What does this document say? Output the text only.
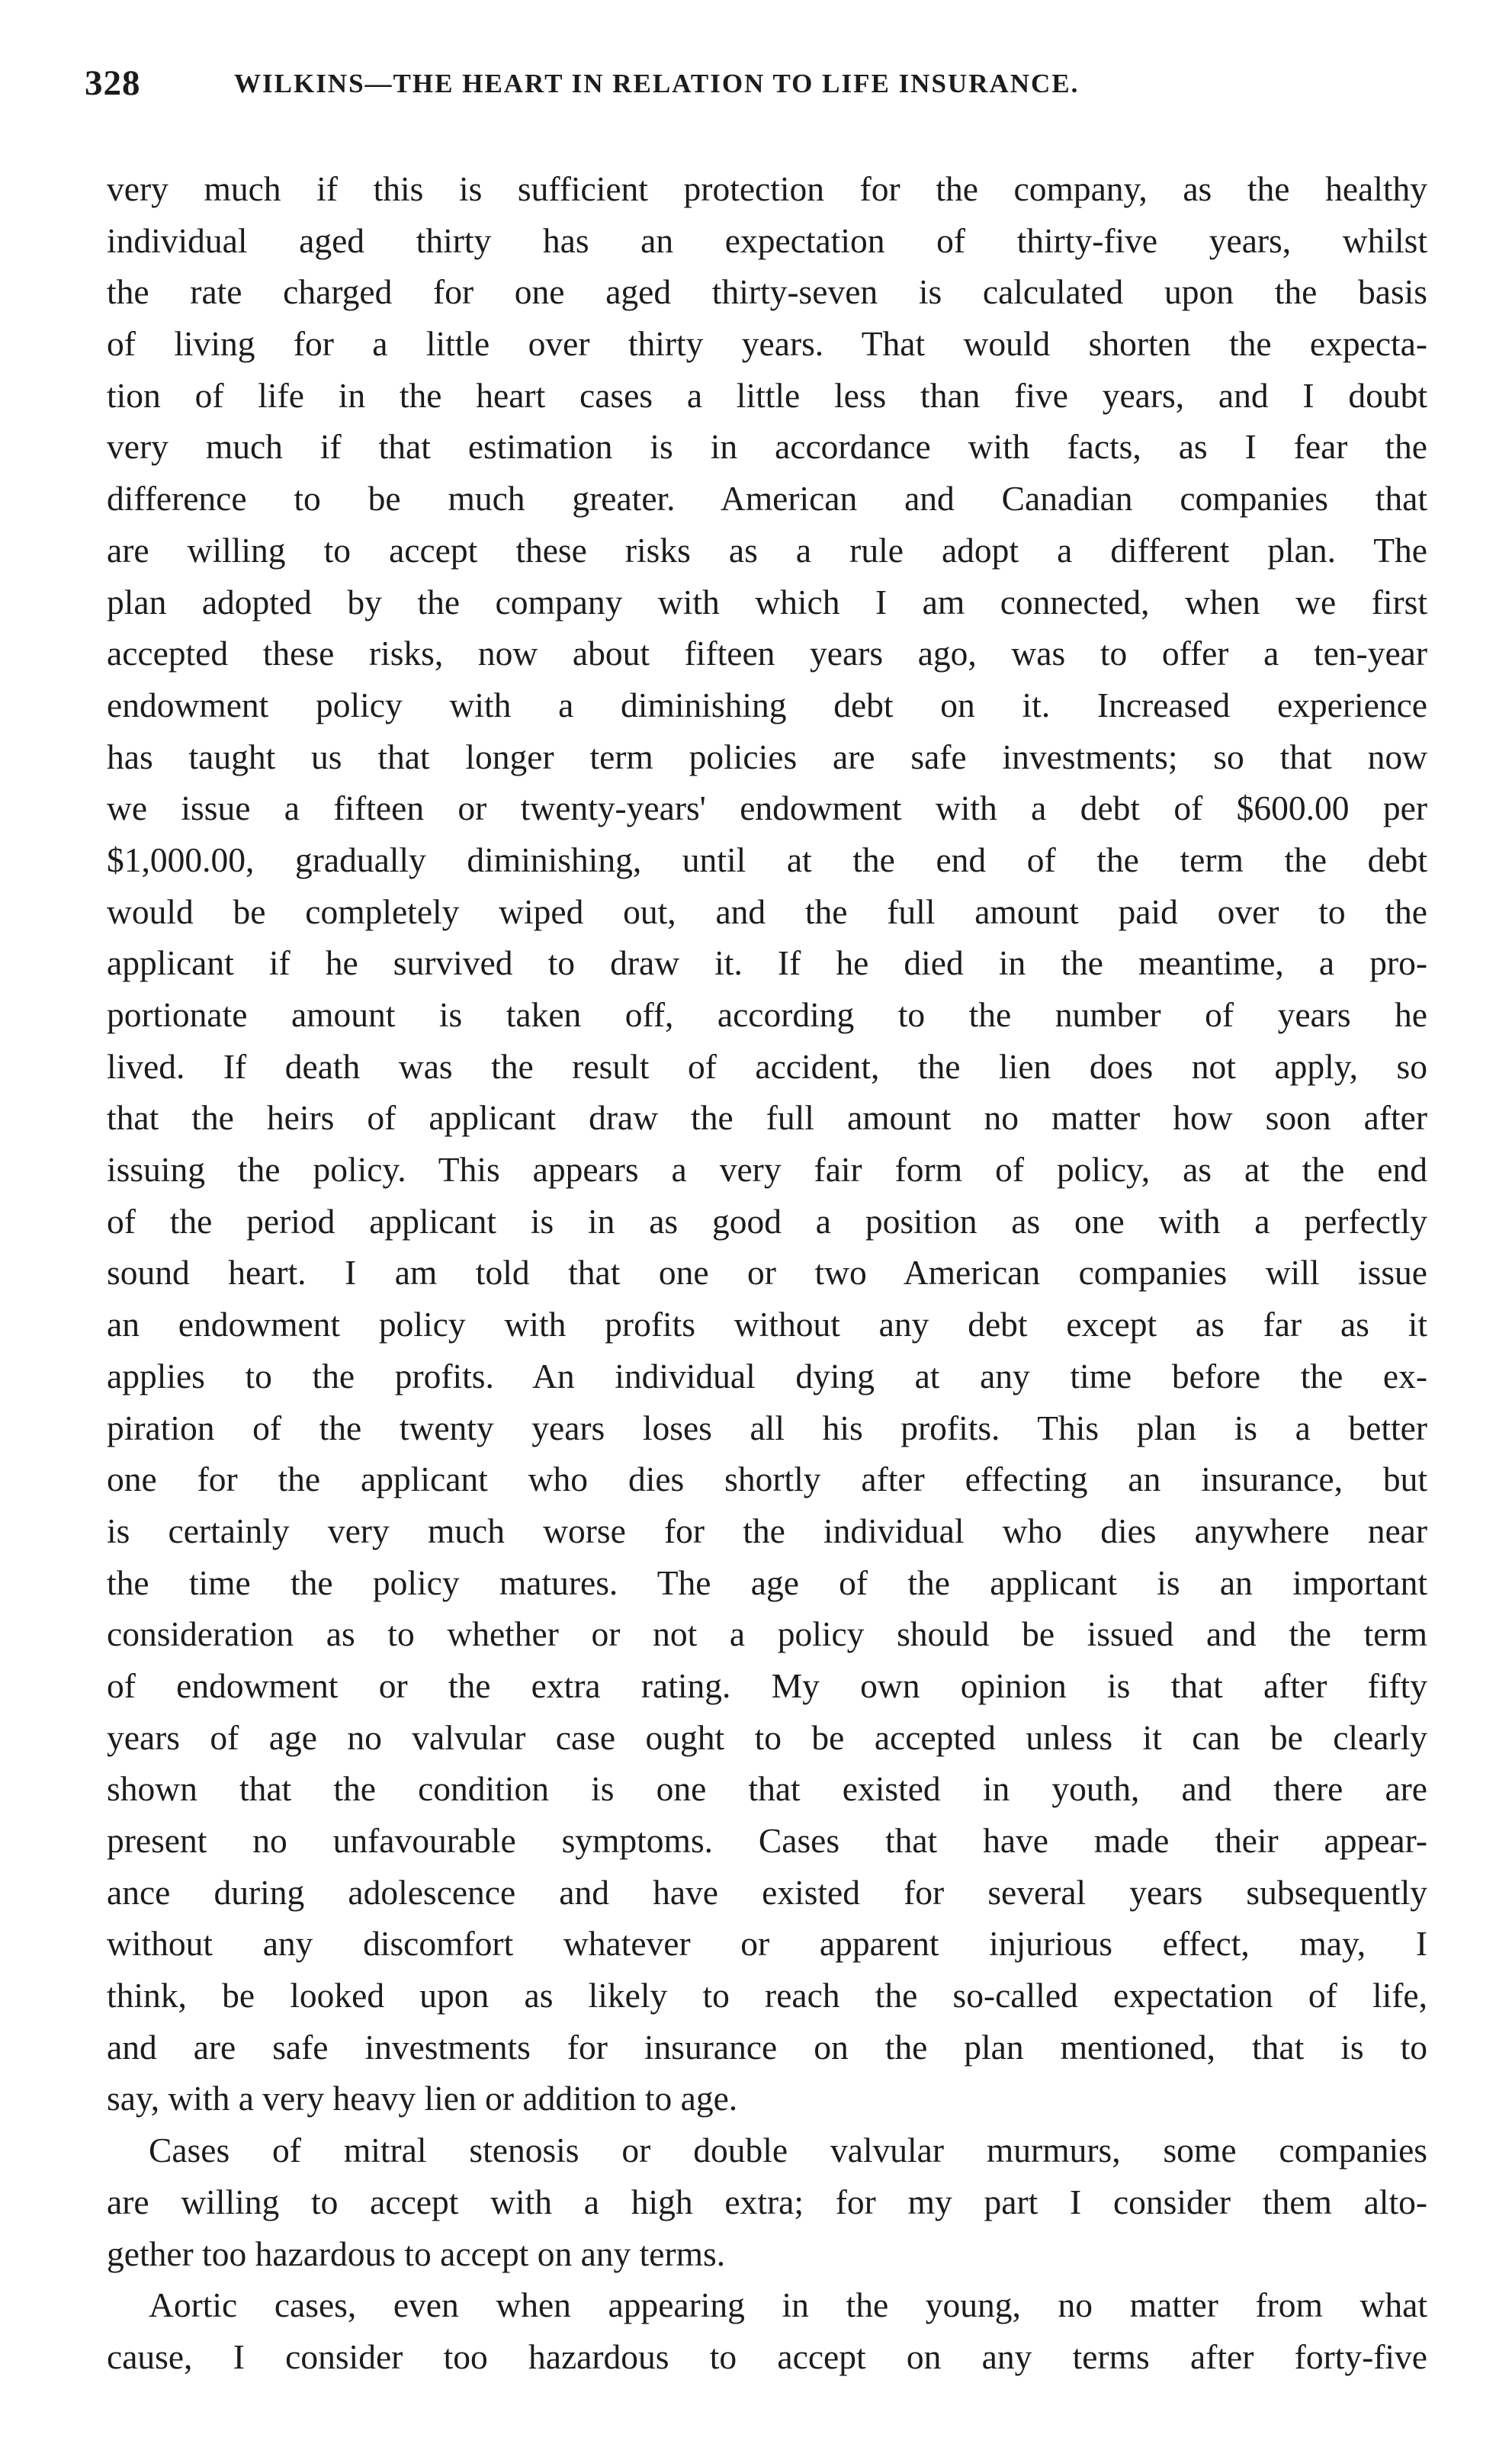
328	WILKINS—THE HEART IN RELATION TO LIFE INSURANCE.
very much if this is sufficient protection for the company, as the healthy
individual aged thirty has an expectation of thirty-five years, whilst
the rate charged for one aged thirty-seven is calculated upon the basis
of living for a little over thirty years. That would shorten the expecta-
tion of life in the heart cases a little less than five years, and I doubt
very much if that estimation is in accordance with facts, as I fear the
difference to be much greater. American and Canadian companies that
are willing to accept these risks as a rule adopt a different plan. The
plan adopted by the company with which I am connected, when we first
accepted these risks, now about fifteen years ago, was to offer a ten-year
endowment policy with a diminishing debt on it. Increased experience
has taught us that longer term policies are safe investments; so that now
we issue a fifteen or twenty-years' endowment with a debt of $600.00 per
$1,000.00, gradually diminishing, until at the end of the term the debt
would be completely wiped out, and the full amount paid over to the
applicant if he survived to draw it. If he died in the meantime, a pro-
portionate amount is taken off, according to the number of years he
lived. If death was the result of accident, the lien does not apply, so
that the heirs of applicant draw the full amount no matter how soon after
issuing the policy. This appears a very fair form of policy, as at the end
of the period applicant is in as good a position as one with a perfectly
sound heart. I am told that one or two American companies will issue
an endowment policy with profits without any debt except as far as it
applies to the profits. An individual dying at any time before the ex-
piration of the twenty years loses all his profits. This plan is a better
one for the applicant who dies shortly after effecting an insurance, but
is certainly very much worse for the individual who dies anywhere near
the time the policy matures. The age of the applicant is an important
consideration as to whether or not a policy should be issued and the term
of endowment or the extra rating. My own opinion is that after fifty
years of age no valvular case ought to be accepted unless it can be clearly
shown that the condition is one that existed in youth, and there are
present no unfavourable symptoms. Cases that have made their appear-
ance during adolescence and have existed for several years subsequently
without any discomfort whatever or apparent injurious effect, may, I
think, be looked upon as likely to reach the so-called expectation of life,
and are safe investments for insurance on the plan mentioned, that is to
say, with a very heavy lien or addition to age.
Cases of mitral stenosis or double valvular murmurs, some companies
are willing to accept with a high extra; for my part I consider them alto-
gether too hazardous to accept on any terms.
Aortic cases, even when appearing in the young, no matter from what
cause, I consider too hazardous to accept on any terms after forty-five
